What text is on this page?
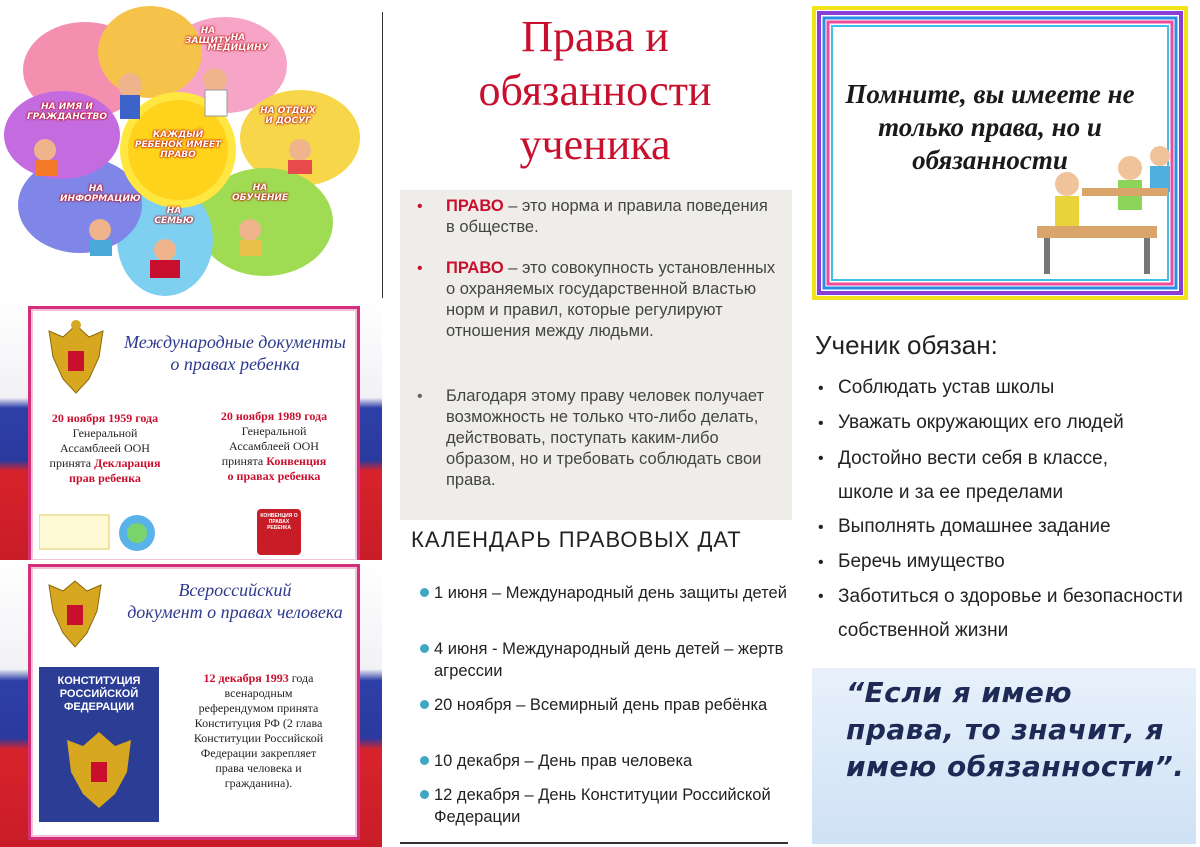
НА ЗАЩИТУ НА МЕДИЦИНУ
НА ОТДЫХ И ДОСУГ
НА ОБУЧЕНИЕ
НА СЕМЬЮ
НА ИНФОРМАЦИЮ
НА ИМЯ И ГРАЖДАНСТВО
КАЖДЫЙ РЕБЕНОК ИМЕЕТ ПРАВО
Международные документы
о правах ребенка
20 ноября 1959 года
Генеральной
Ассамблеей ООН
принята Декларация
прав ребенка
20 ноября 1989 года
Генеральной
Ассамблеей ООН
принята Конвенция
о правах ребенка
КОНВЕНЦИЯ О ПРАВАХ РЕБЕНКА
Всероссийский
документ о правах человека
КОНСТИТУЦИЯ
РОССИЙСКОЙ
ФЕДЕРАЦИИ
12 декабря 1993 года
всенародным
референдумом принята
Конституция РФ (2 глава
Конституции Российской
Федерации закрепляет
права человека и
гражданина).
Права и
обязанности
ученика
•	ПРАВО – это норма и правила поведения в обществе.
•	ПРАВО – это совокупность установленных о охраняемых государственной властью норм и правил, которые регулируют отношения между людьми.
•	Благодаря этому праву человек получает возможность не только что-либо делать, действовать, поступать каким-либо образом, но и требовать соблюдать свои права.
КАЛЕНДАРЬ ПРАВОВЫХ ДАТ
1 июня – Международный день защиты детей
4 июня - Международный день детей – жертв агрессии
20 ноября – Всемирный день прав ребёнка
10 декабря – День прав человека
12 декабря – День Конституции Российской Федерации
Помните, вы имеете не только права, но и обязанности
Ученик обязан:
• Соблюдать устав школы
• Уважать окружающих его людей
• Достойно вести себя в классе, школе и за ее пределами
• Выполнять домашнее задание
• Беречь имущество
• Заботиться о здоровье и безопасности собственной жизни
“Если я имею права, то значит, я имею обязанности”.
